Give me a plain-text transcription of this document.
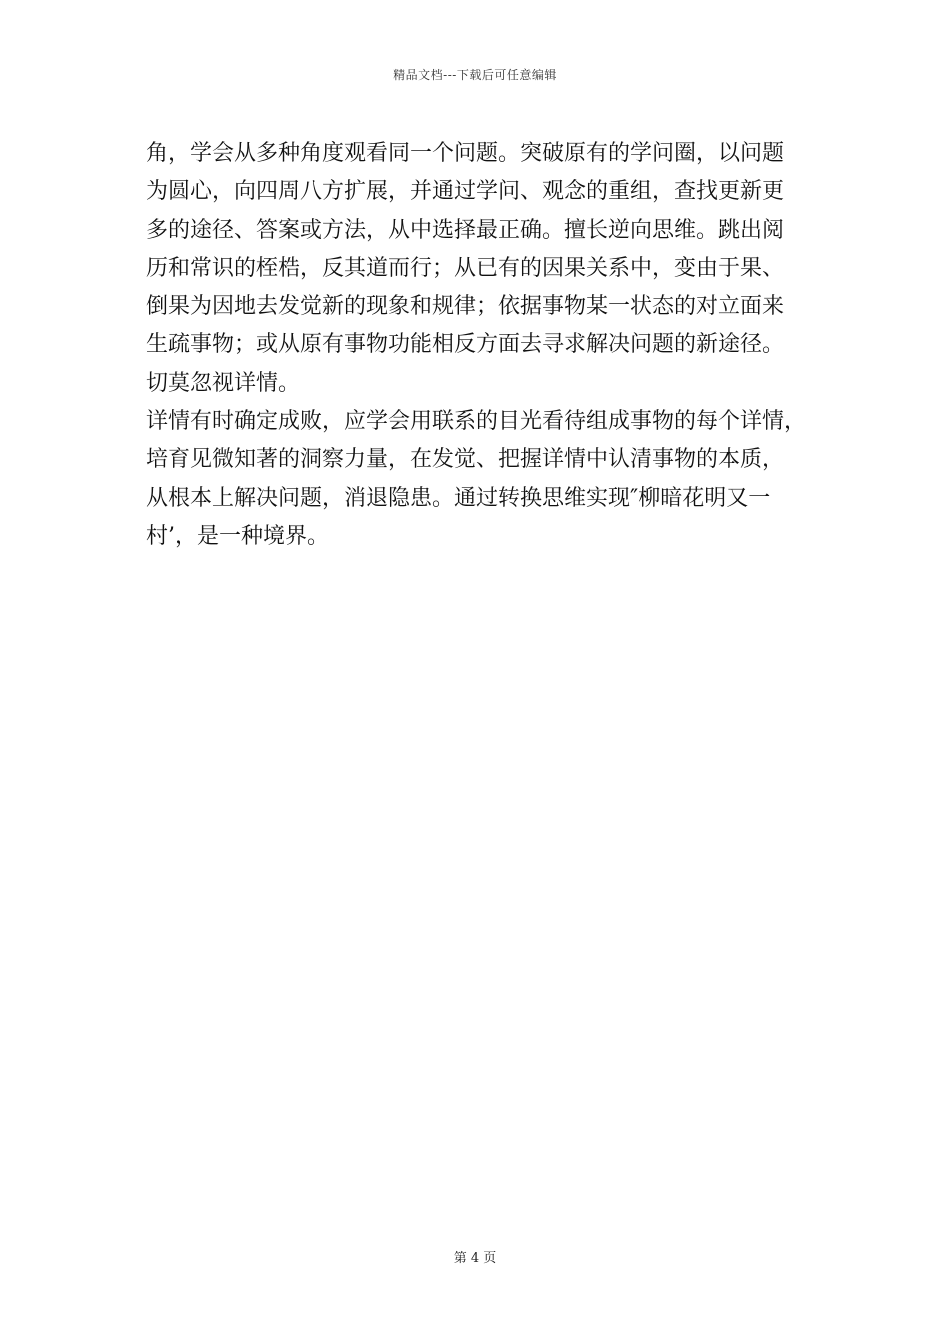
精品文档---下载后可任意编辑
角，学会从多种角度观看同一个问题。突破原有的学问圈，以问题
为圆心，向四周八方扩展，并通过学问、观念的重组，查找更新更
多的途径、答案或方法，从中选择最正确。擅长逆向思维。跳出阅
历和常识的桎梏，反其道而行；从已有的因果关系中，变由于果、
倒果为因地去发觉新的现象和规律；依据事物某一状态的对立面来
生疏事物；或从原有事物功能相反方面去寻求解决问题的新途径。
切莫忽视详情。
详情有时确定成败，应学会用联系的目光看待组成事物的每个详情，
培育见微知著的洞察力量，在发觉、把握详情中认清事物的本质，
从根本上解决问题，消退隐患。通过转换思维实现″柳暗花明又一
村’，是一种境界。
第 4 页
